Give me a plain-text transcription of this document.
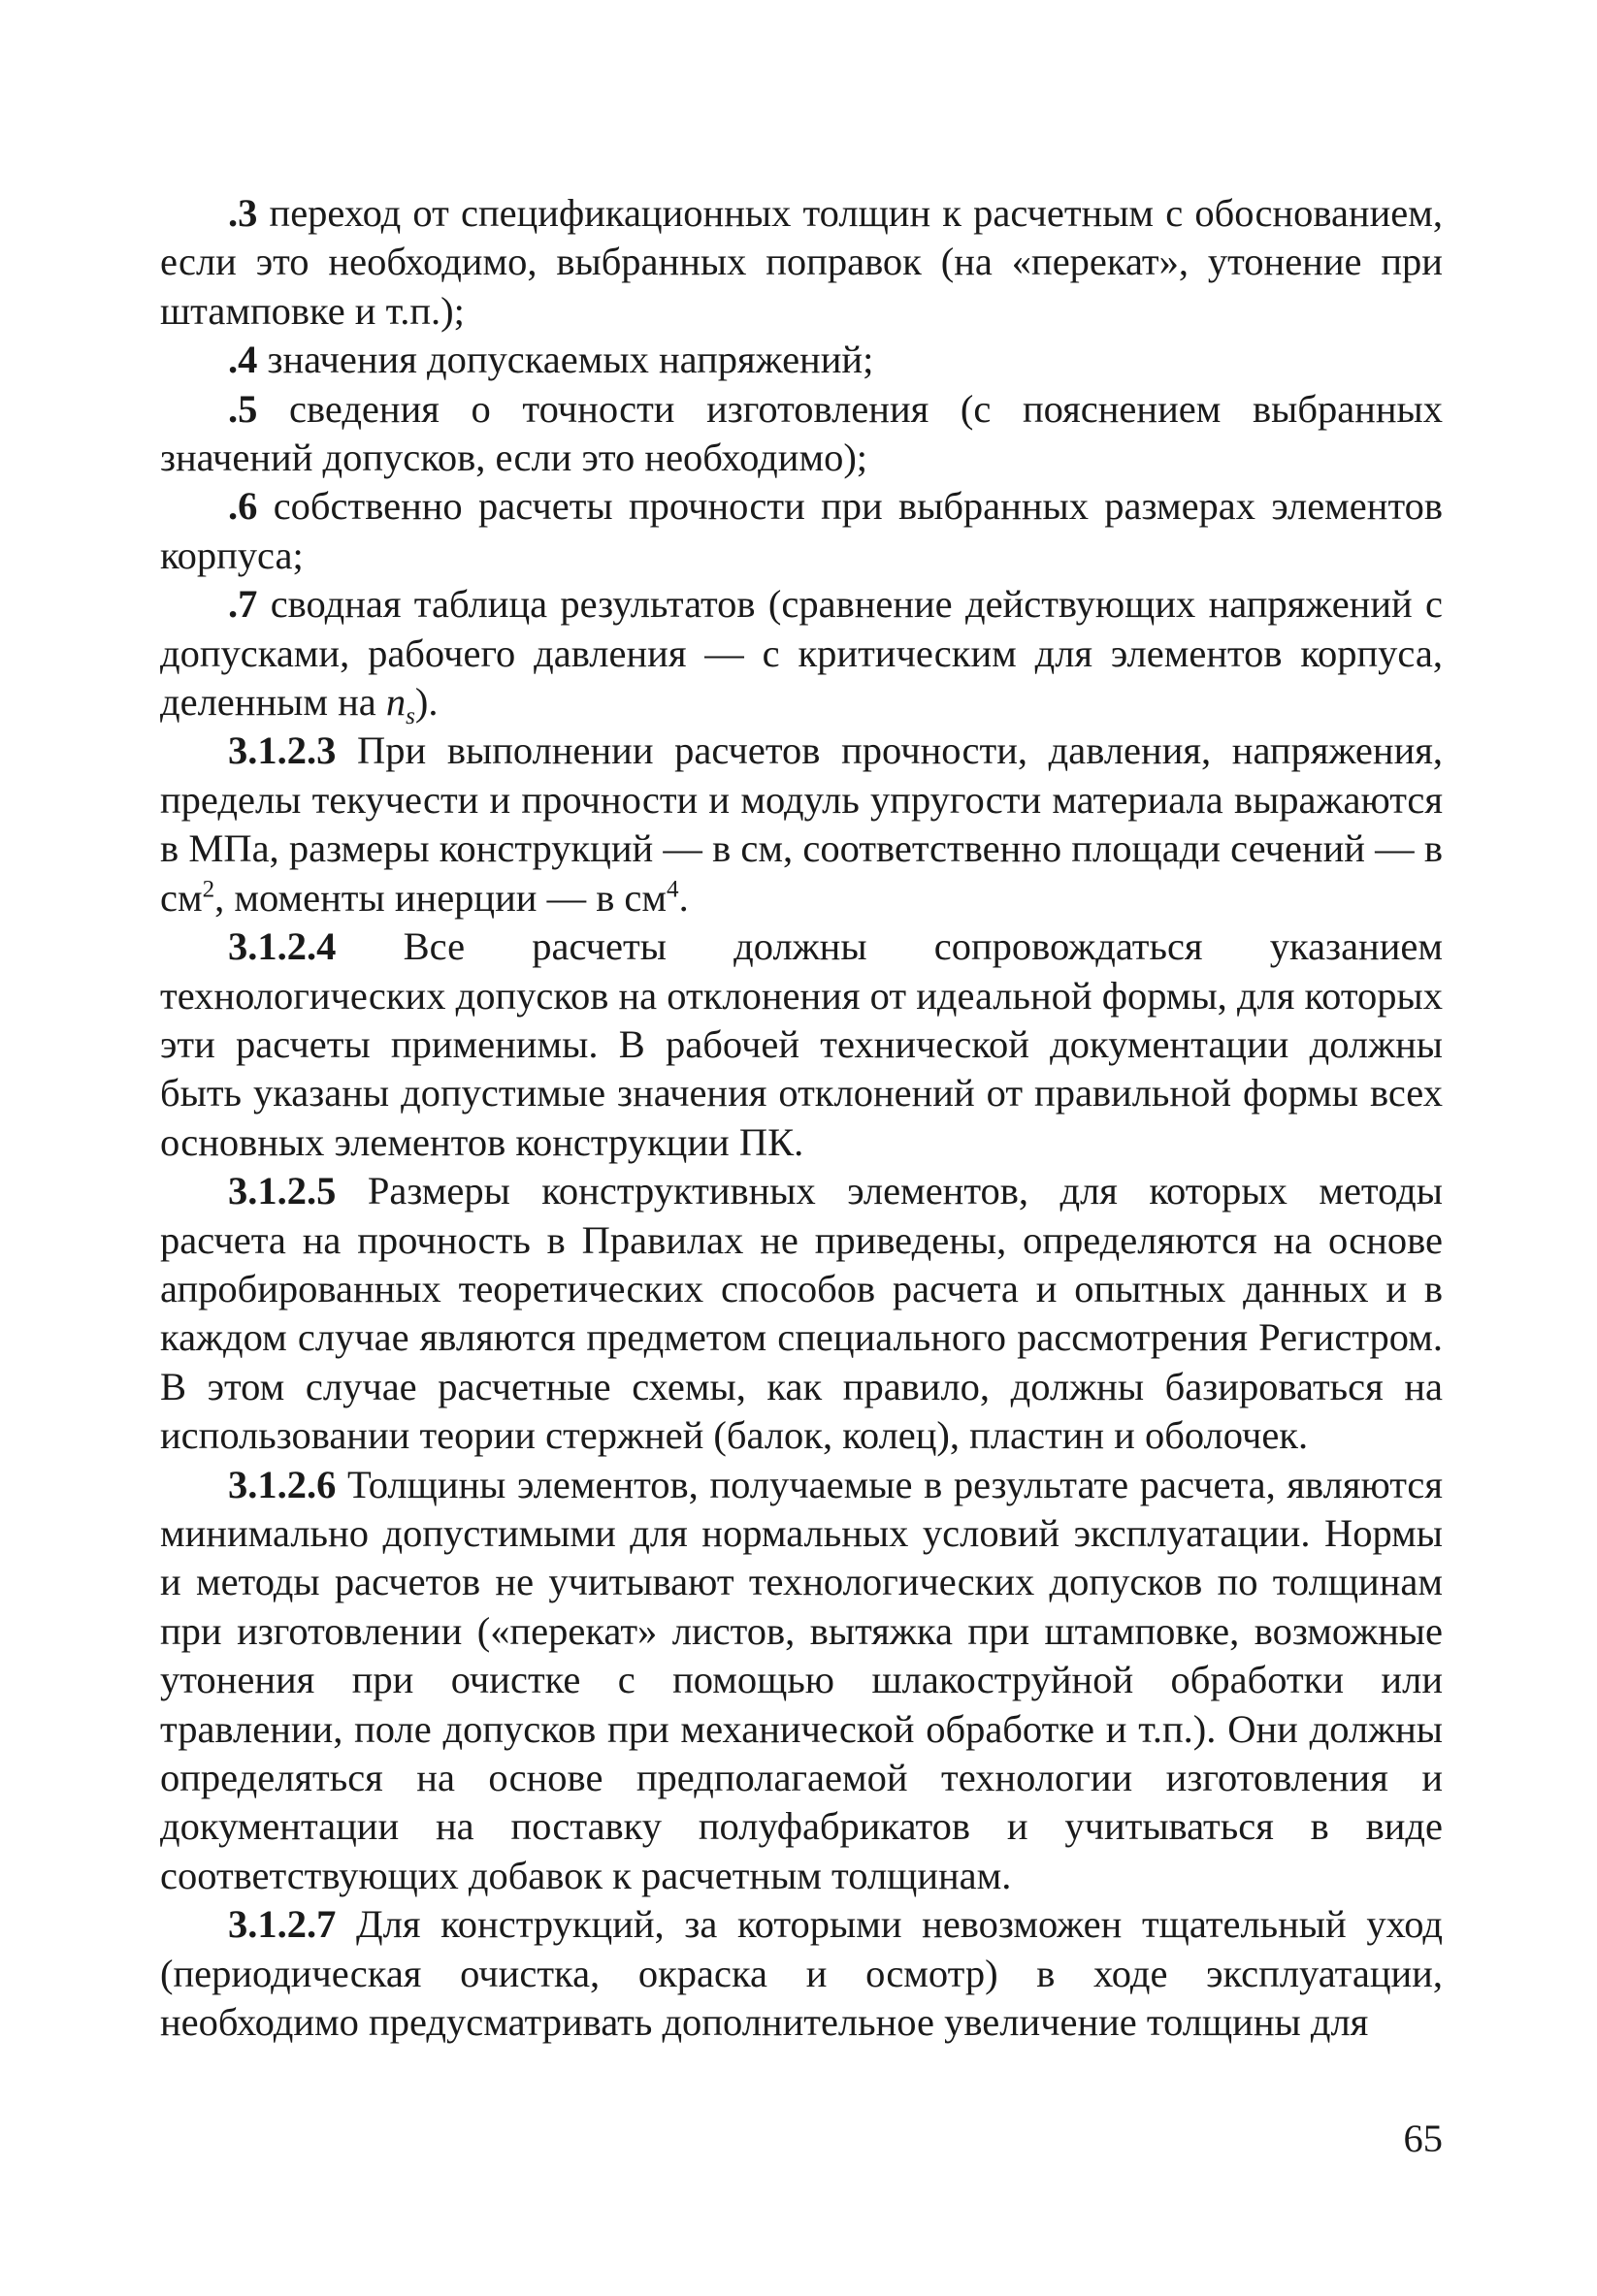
.3 переход от спецификационных толщин к расчетным с обоснованием, если это необходимо, выбранных поправок (на «перекат», утонение при штамповке и т.п.);

.4 значения допускаемых напряжений;

.5 сведения о точности изготовления (с пояснением выбранных значений допусков, если это необходимо);

.6 собственно расчеты прочности при выбранных размерах элементов корпуса;

.7 сводная таблица результатов (сравнение действующих напряжений с допусками, рабочего давления — с критическим для элементов корпуса, деленным на $n_s$).

3.1.2.3 При выполнении расчетов прочности, давления, напряжения, пределы текучести и прочности и модуль упругости материала выражаются в МПа, размеры конструкций — в см, соответственно площади сечений — в $см^2$, моменты инерции — в $см^4$.

3.1.2.4 Все расчеты должны сопровождаться указанием технологических допусков на отклонения от идеальной формы, для которых эти расчеты применимы. В рабочей технической документации должны быть указаны допустимые значения отклонений от правильной формы всех основных элементов конструкции ПК.

3.1.2.5 Размеры конструктивных элементов, для которых методы расчета на прочность в Правилах не приведены, определяются на основе апробированных теоретических способов расчета и опытных данных и в каждом случае являются предметом специального рассмотрения Регистром. В этом случае расчетные схемы, как правило, должны базироваться на использовании теории стержней (балок, колец), пластин и оболочек.

3.1.2.6 Толщины элементов, получаемые в результате расчета, являются минимально допустимыми для нормальных условий эксплуатации. Нормы и методы расчетов не учитывают технологических допусков по толщинам при изготовлении («перекат» листов, вытяжка при штамповке, возможные утонения при очистке с помощью шлакоструйной обработки или травлении, поле допусков при механической обработке и т.п.). Они должны определяться на основе предполагаемой технологии изготовления и документации на поставку полуфабрикатов и учитываться в виде соответствующих добавок к расчетным толщинам.

3.1.2.7 Для конструкций, за которыми невозможен тщательный уход (периодическая очистка, окраска и осмотр) в ходе эксплуатации, необходимо предусматривать дополнительное увеличение толщины для

65
